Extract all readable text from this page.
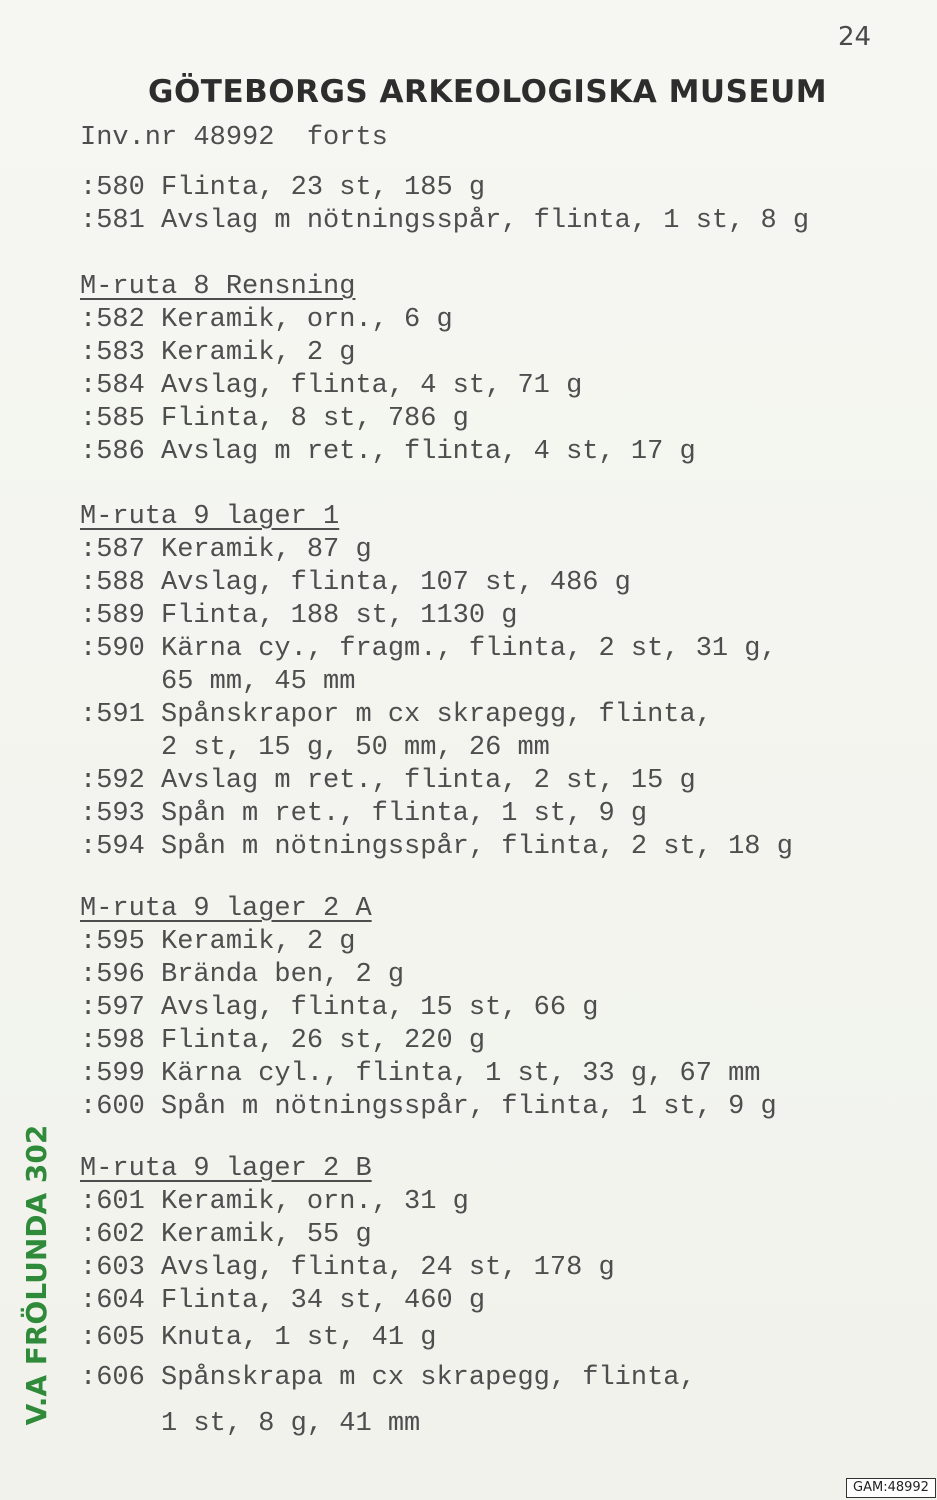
24
GÖTEBORGS ARKEOLOGISKA MUSEUM
Inv.nr 48992  forts
:580 Flinta, 23 st, 185 g
:581 Avslag m nötningsspår, flinta, 1 st, 8 g
M-ruta 8 Rensning
:582 Keramik, orn., 6 g
:583 Keramik, 2 g
:584 Avslag, flinta, 4 st, 71 g
:585 Flinta, 8 st, 786 g
:586 Avslag m ret., flinta, 4 st, 17 g
M-ruta 9 lager 1
:587 Keramik, 87 g
:588 Avslag, flinta, 107 st, 486 g
:589 Flinta, 188 st, 1130 g
:590 Kärna cy., fragm., flinta, 2 st, 31 g,
65 mm, 45 mm
:591 Spånskrapor m cx skrapegg, flinta,
2 st, 15 g, 50 mm, 26 mm
:592 Avslag m ret., flinta, 2 st, 15 g
:593 Spån m ret., flinta, 1 st, 9 g
:594 Spån m nötningsspår, flinta, 2 st, 18 g
M-ruta 9 lager 2 A
:595 Keramik, 2 g
:596 Brända ben, 2 g
:597 Avslag, flinta, 15 st, 66 g
:598 Flinta, 26 st, 220 g
:599 Kärna cyl., flinta, 1 st, 33 g, 67 mm
:600 Spån m nötningsspår, flinta, 1 st, 9 g
M-ruta 9 lager 2 B
:601 Keramik, orn., 31 g
:602 Keramik, 55 g
:603 Avslag, flinta, 24 st, 178 g
:604 Flinta, 34 st, 460 g
:605 Knuta, 1 st, 41 g
:606 Spånskrapa m cx skrapegg, flinta,
1 st, 8 g, 41 mm
V.A FRÖLUNDA 302
GAM:48992
